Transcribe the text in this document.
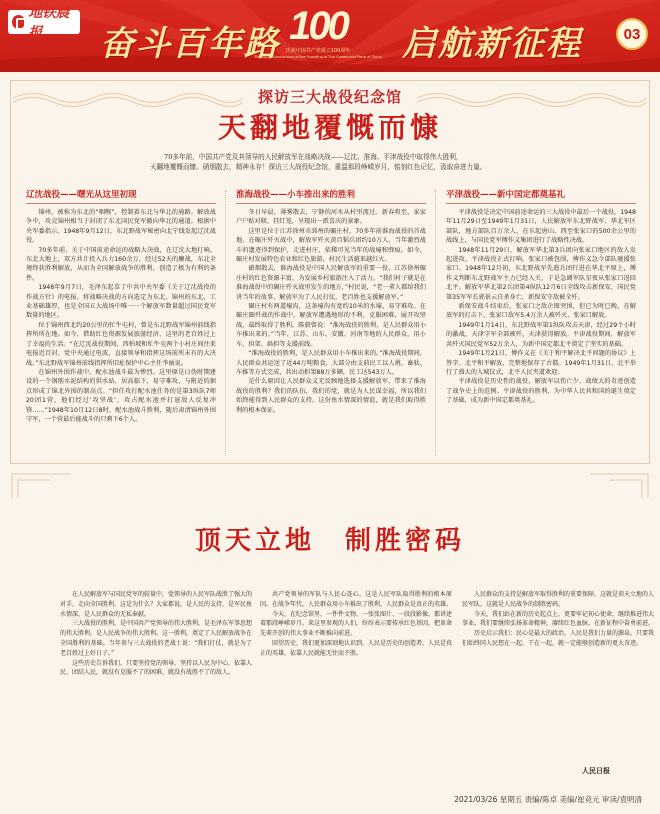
地铁晨报	奋斗百年路 100
庆祝中国共产党成立100周年
The 100th Anniversary of the Founding of The Communist Party of China 启航新征程	03
探访三大战役纪念馆
天翻地覆慨而慷
70多年前，中国共产党及其领导的人民解放军在战略决战——辽沈、淮海、平津战役中取得伟大胜利，
天翻地覆慨而慷。硝烟散去，精神永存！探访三大战役纪念馆，重温那段峥嵘岁月，铭刻红色记忆，汲取奋进力量。
辽沈战役——曙光从这里初现

锦州，被称为东北的“咽喉”，控制着东北与华北的通路。解放战争中，攻克锦州相当于封闭了东北国民党军撤向华北的通道。根据中央军委指示，1948年9月12日，东北野战军秘密向北宁线发起辽沈战役。

70多年前，关于中国前途命运的战略大决战，在辽沈大地打响。东北大地上，双方共计投入兵力160余万，经过52天的鏖战，东北全境终获胜利解放，从而为全国解放战争的胜利，创造了极为有利的条件。

1948年9月7日，毛泽东起草了中共中央军委《关于辽沈战役的作战方针》的电报，将战略决战的方向选定为东北。锦州的东北，工业基础雄厚，也是全国五大战场中唯一一个解放军数量超过国民党军数量的地区。

位于锦州西北约20公里的牤牛屯村，曾是东北野战军锦州前线指挥所所在地。如今，借助红色资源发展旅游经济，这里的老百姓过上了幸福的生活。“在辽沈战役期间，西柏坡和牤牛屯两个小村庄间往来电报近百封，党中央通过电波，直接领导和指挥这场前所未有的大决战。”东北野战军锦州前线指挥所旧址保护中心主任李丽说。

在锦州外围作战中，配水池战斗最为惨烈。这里原是日伪时期建设的一个钢筋水泥结构的供水站，居高临下，易守难攻，与附近的据点形成了锦北外围的制高点。“担任攻打配水池任务的是第3纵队7师20团1营，他们经过‘攻坚战’，攻占配水池并打退敌人反复冲锋……”1948年10月12日8时，配水池战斗胜利，随后肃清锦州外围守军，一个营最后能战斗的只剩下6个人。

淮海战役——小车推出来的胜利

冬日早晨，薄雾散去，宁静的河水从村里流过。新春将至，家家户户贴对联、挂灯笼，呈现出一派喜庆的景象。

这里是位于江苏徐州市邳州的碾庄村，70多年前淮海战役的首战地。在碾庄歼灭战中，解放军歼灭黄百韬兵团约10万人。当年激烈战斗的遗迹得到保护，走进村庄，依稀可见当年的战壕和弹痕。如今，碾庄村发展特色农业和红色旅游，村民生活越来越红火。

硝烟散去，淮海战役是中国人民解放军的重要一役，江苏徐州碾庄村的红色资源丰富，为发展乡村旅游注入了活力。“我们村子就是在淮海战役中的碾庄歼灭战里发生的地方，”村民说，“老一辈人都给我们讲当年的故事，解放军为了人民打仗，老百姓也支援解放军。”

碾庄村有两道壕沟，这条壕沟有宽约10米的水壕，易守难攻。在碾庄圈歼战的作战中，解放军遭遇地形的不利，克服困难，展开攻坚战，最终取得了胜利。陈毅曾说：“淮海战役的胜利，是人民群众用小车推出来的。”当年，江苏、山东、安徽、河南等地的人民群众，用小车、担架、扁担等支援前线。

“淮海战役的胜利，是人民群众用小车推出来的。”淮海战役期间，人民群众共运送了近44万吨粮食，大部分由支前民工以人挑、畜驮、车推等方式完成，共出动担架88万多辆，民工达543万人。

是什么原因让人民群众义无反顾地选择支援解放军，带来了淮海战役的胜利？我们的队伍，我们的党，就是为人民谋幸福，所以我们始终能得到人民群众的支持。这份鱼水情深的情谊，就是我们取得胜利的根本保证。

平津战役——新中国定都奠基礼

平津战役是决定中国前途命运的三大战役中最后一个战役，1948年11月29日至1949年1月31日，人民解放军东北野战军、华北军区部队，地方部队百万余人，在东起唐山、西至张家口的500余公里的战线上，与国民党军傅作义集团进行了战略性决战。

1948年11月29日，解放军华北第3兵团向张家口地区的敌人发起进攻，平津战役正式打响。张家口被包围，傅作义急令部队驰援张家口。1948年12月初，东北野战军先遣兵团行进在华北平原上，傅作义判断东北野战军主力已经入关，于是急调军队星夜从张家口返回北平。解放军华北第2兵团第4纵队12月6日全线攻击新保安，国民党第35军军长郭景云自杀身亡，新保安守敌被全歼。

新保安战斗结束后，张家口之敌企图突围，但已为时已晚，在解放军的打击下，张家口敌军5.4万余人被歼灭，张家口解放。

1949年1月14日，东北野战军第1纵队攻击天津，经过29个小时的激战，天津守军全部被歼，天津获得解放。平津战役期间，解放军共歼灭国民党军52万余人，为新中国定都北平奠定了坚实的基础。

1949年1月21日，傅作义在《关于和平解决北平问题的协议》上签字。北平和平解放，完整地保存了古都。1949年1月31日，北平举行了盛大的入城仪式，北平人民夹道欢迎。

平津战役是历史性的战役，解放军以伤亡少、战绩大的奇迹创造了战争史上的范例。平津战役的胜利，为中华人民共和国的诞生奠定了基础，成为新中国定都奠基礼。

顶天立地　制胜密码

在人民解放军与国民党军的较量中，党领导的人民军队战胜了强大的对手，走向全国胜利。这是为什么？大家都说，是人民的支持、是军民鱼水情深，是人民群众的无私奉献。

三大战役的胜利，是中国共产党领导的伟大胜利，是毛泽东军事思想的伟大胜利，是人民战争的伟大胜利。这一胜利，奠定了人民解放战争在全国胜利的基础。当年参与三大战役的老战士说：“我们打仗，就是为了老百姓过上好日子。”

这些历史告诉我们，只要坚持党的领导，坚持以人民为中心，依靠人民、团结人民，就没有克服不了的困难，就没有战胜不了的敌人。

共产党领导的军队与人民心连心，这是人民军队取得胜利的根本原因。在战争年代，人民群众用小车推出了胜利，人民群众是真正的英雄。

今天，在纪念馆里，一件件文物、一张张图片、一段段影像，都讲述着那段峥嵘岁月。来这里参观的人们，纷纷表示要传承红色基因，把革命先辈开创的伟大事业不断推向前进。

回望历史，我们更加深刻地认识到，人民是历史的创造者，人民是真正的英雄，依靠人民就能无往而不胜。

人民群众的支持是解放军取得胜利的重要保障。这就是顶天立地的人民军队，这就是人民战争的制胜密码。

今天，我们站在新的历史起点上，更要牢记初心使命，继续推进伟大事业。我们要继续弘扬革命精神，赓续红色血脉，在新征程中奋勇前进。

历史启示我们：民心是最大的政治，人民是我们力量的源泉。只要我们始终同人民想在一起、干在一起，就一定能够创造新的更大奇迹。

人民日报
2021/03/26 星期五 责编/陈卓 美编/崔竞元 审读/袁明清
